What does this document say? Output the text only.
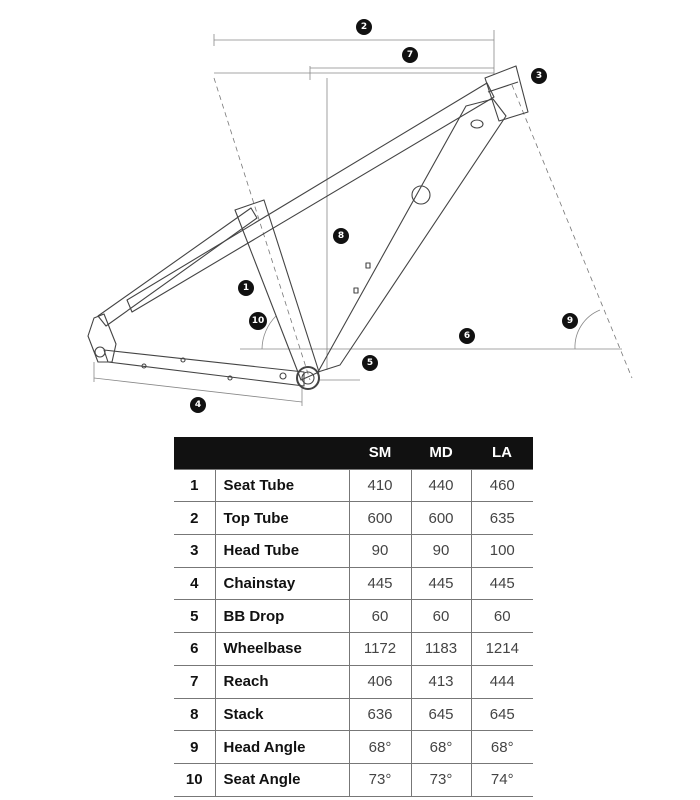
2
7
3
8
1
10	9
6
5
4
		SM	MD	LA
1	Seat Tube	410	440	460
2	Top Tube	600	600	635
3	Head Tube	90	90	100
4	Chainstay	445	445	445
5	BB Drop	60	60	60
6	Wheelbase	1172	1183	1214
7	Reach	406	413	444
8	Stack	636	645	645
9	Head Angle	68°	68°	68°
10	Seat Angle	73°	73°	74°
